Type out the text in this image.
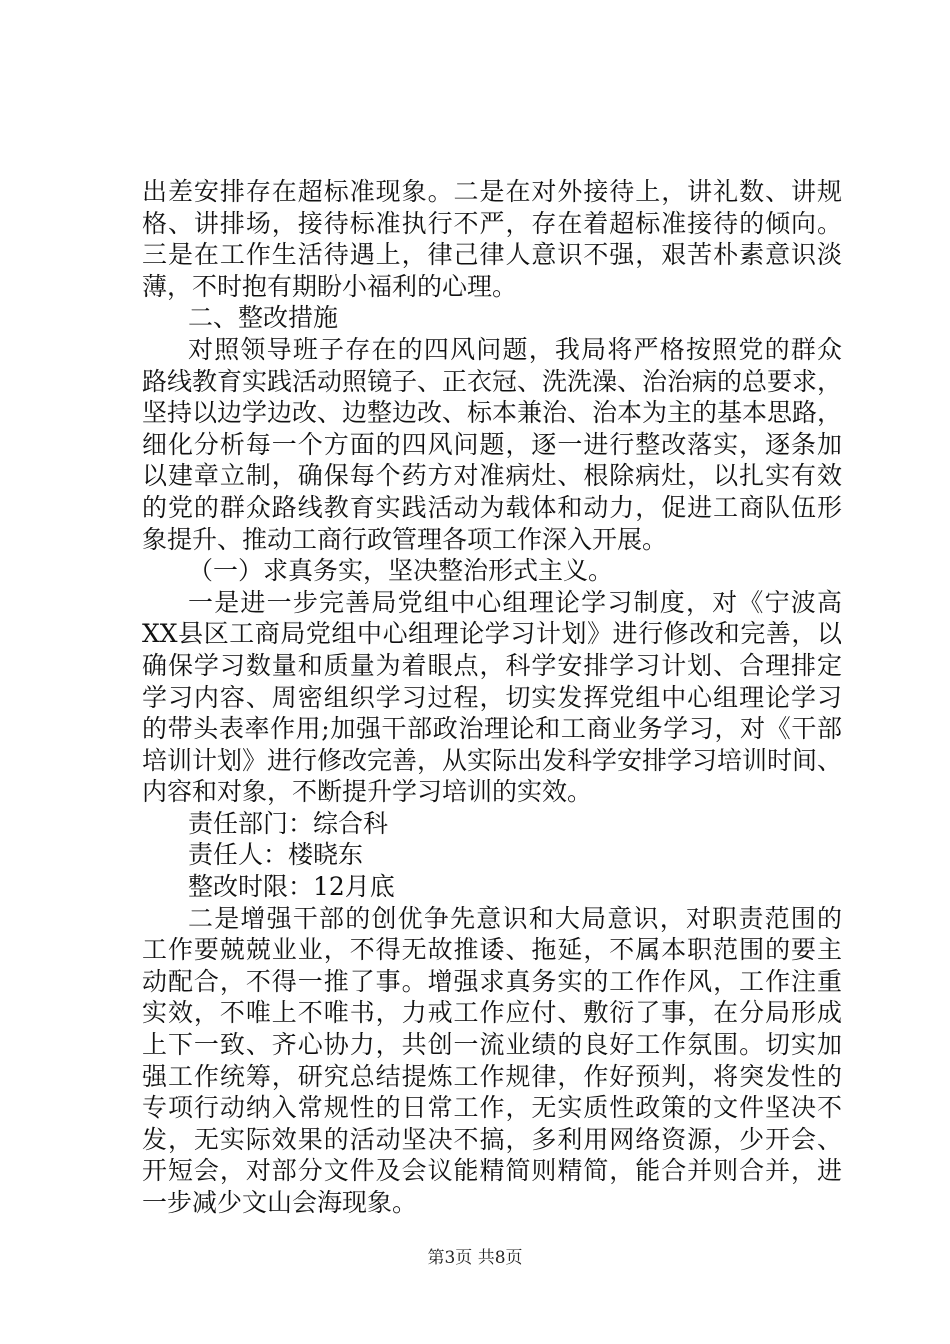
出差安排存在超标准现象。二是在对外接待上，讲礼数、讲规
格、讲排场，接待标准执行不严，存在着超标准接待的倾向。
三是在工作生活待遇上，律己律人意识不强，艰苦朴素意识淡
薄，不时抱有期盼小福利的心理。
二、整改措施
对照领导班子存在的四风问题，我局将严格按照党的群众
路线教育实践活动照镜子、正衣冠、洗洗澡、治治病的总要求，
坚持以边学边改、边整边改、标本兼治、治本为主的基本思路，
细化分析每一个方面的四风问题，逐一进行整改落实，逐条加
以建章立制，确保每个药方对准病灶、根除病灶，以扎实有效
的党的群众路线教育实践活动为载体和动力，促进工商队伍形
象提升、推动工商行政管理各项工作深入开展。
（一）求真务实，坚决整治形式主义。
一是进一步完善局党组中心组理论学习制度，对《宁波高
XX县区工商局党组中心组理论学习计划》进行修改和完善，以
确保学习数量和质量为着眼点，科学安排学习计划、合理排定
学习内容、周密组织学习过程，切实发挥党组中心组理论学习
的带头表率作用;加强干部政治理论和工商业务学习，对《干部
培训计划》进行修改完善，从实际出发科学安排学习培训时间、
内容和对象，不断提升学习培训的实效。
责任部门：综合科
责任人：楼晓东
整改时限：12月底
二是增强干部的创优争先意识和大局意识，对职责范围的
工作要兢兢业业，不得无故推诿、拖延，不属本职范围的要主
动配合，不得一推了事。增强求真务实的工作作风，工作注重
实效，不唯上不唯书，力戒工作应付、敷衍了事，在分局形成
上下一致、齐心协力，共创一流业绩的良好工作氛围。切实加
强工作统筹，研究总结提炼工作规律，作好预判，将突发性的
专项行动纳入常规性的日常工作，无实质性政策的文件坚决不
发，无实际效果的活动坚决不搞，多利用网络资源，少开会、
开短会，对部分文件及会议能精简则精简，能合并则合并，进
一步减少文山会海现象。
第3页 共8页
